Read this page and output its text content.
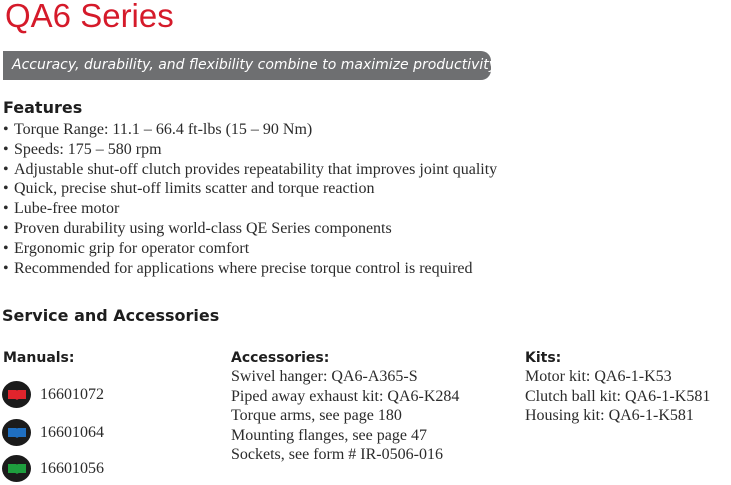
QA6 Series
Accuracy, durability, and flexibility combine to maximize productivity.
Features
• Torque Range: 11.1 – 66.4 ft-lbs (15 – 90 Nm)
• Speeds: 175 – 580 rpm
• Adjustable shut-off clutch provides repeatability that improves joint quality
• Quick, precise shut-off limits scatter and torque reaction
• Lube-free motor
• Proven durability using world-class QE Series components
• Ergonomic grip for operator comfort
• Recommended for applications where precise torque control is required
Service and Accessories
Manuals:
16601072
16601064
16601056
Accessories:
Swivel hanger: QA6-A365-S
Piped away exhaust kit: QA6-K284
Torque arms, see page 180
Mounting flanges, see page 47
Sockets, see form # IR-0506-016
Kits:
Motor kit: QA6-1-K53
Clutch ball kit: QA6-1-K581
Housing kit: QA6-1-K581
